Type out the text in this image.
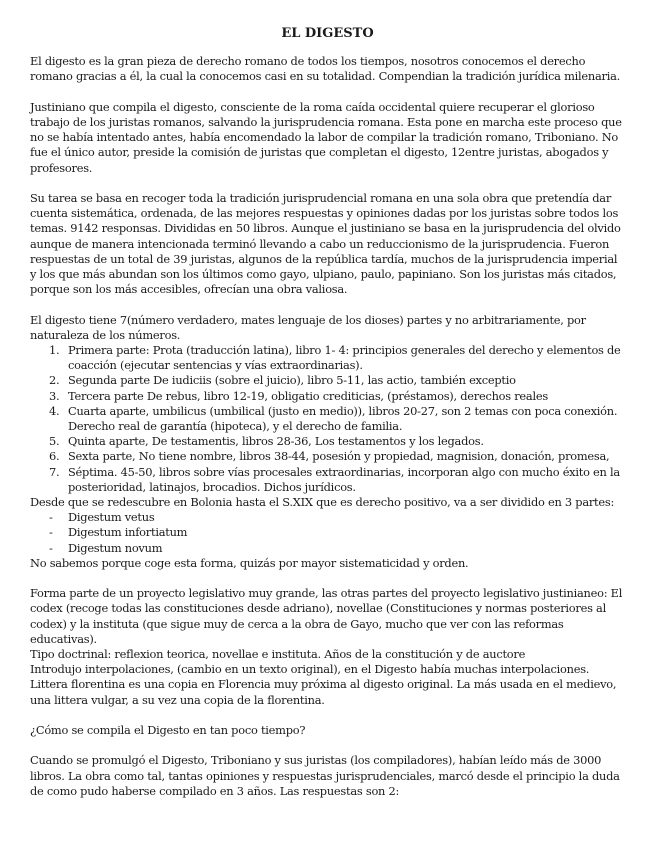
EL DIGESTO

El digesto es la gran pieza de derecho romano de todos los tiempos, nosotros conocemos el derecho romano gracias a él, la cual la conocemos casi en su totalidad. Compendian la tradición jurídica milenaria.

Justiniano que compila el digesto, consciente de la roma caída occidental quiere recuperar el glorioso trabajo de los juristas romanos, salvando la jurisprudencia romana. Esta pone en marcha este proceso que no se había intentado antes, había encomendado la labor de compilar la tradición romano, Triboniano. No fue el único autor, preside la comisión de juristas que completan el digesto, 12entre juristas, abogados y profesores.

Su tarea se basa en recoger toda la tradición jurisprudencial romana en una sola obra que pretendía dar cuenta sistemática, ordenada, de las mejores respuestas y opiniones dadas por los juristas sobre todos los temas. 9142 responsas. Divididas en 50 libros. Aunque el justiniano se basa en la jurisprudencia del olvido aunque de manera intencionada terminó llevando a cabo un reduccionismo de la jurisprudencia. Fueron respuestas de un total de 39 juristas, algunos de la república tardía, muchos de la jurisprudencia imperial y los que más abundan son los últimos como gayo, ulpiano, paulo, papiniano. Son los juristas más citados, porque son los más accesibles, ofrecían una obra valiosa.

El digesto tiene 7(número verdadero, mates lenguaje de los dioses) partes y no arbitrariamente, por naturaleza de los números.

1. Primera parte: Prota (traducción latina), libro 1- 4: principios generales del derecho y elementos de coacción (ejecutar sentencias y vías extraordinarias).
2. Segunda parte De iudiciis (sobre el juicio), libro 5-11, las actio, también exceptio
3. Tercera parte De rebus, libro 12-19, obligatio crediticias, (préstamos), derechos reales
4. Cuarta aparte, umbilicus (umbilical (justo en medio)), libros 20-27, son 2 temas con poca conexión. Derecho real de garantía (hipoteca), y el derecho de familia.
5. Quinta aparte, De testamentis, libros 28-36, Los testamentos y los legados.
6. Sexta parte, No tiene nombre, libros 38-44, posesión y propiedad, magnision, donación, promesa,
7. Séptima. 45-50, libros sobre vías procesales extraordinarias, incorporan algo con mucho éxito en la posterioridad, latinajos, brocadios. Dichos jurídicos.

Desde que se redescubre en Bolonia hasta el S.XIX que es derecho positivo, va a ser dividido en 3 partes:

- Digestum vetus
- Digestum infortiatum
- Digestum novum

No sabemos porque coge esta forma, quizás por mayor sistematicidad y orden.

Forma parte de un proyecto legislativo muy grande, las otras partes del proyecto legislativo justinianeo: El codex (recoge todas las constituciones desde adriano), novellae (Constituciones y normas posteriores al codex) y la instituta (que sigue muy de cerca a la obra de Gayo, mucho que ver con las reformas educativas).

Tipo doctrinal: reflexion teorica, novellae e instituta. Años de la constitución y de auctore

Introdujo interpolaciones, (cambio en un texto original), en el Digesto había muchas interpolaciones. Littera florentina es una copia en Florencia muy próxima al digesto original. La más usada en el medievo, una littera vulgar, a su vez una copia de la florentina.

¿Cómo se compila el Digesto en tan poco tiempo?

Cuando se promulgó el Digesto, Triboniano y sus juristas (los compiladores), habían leído más de 3000 libros. La obra como tal, tantas opiniones y respuestas jurisprudenciales, marcó desde el principio la duda de como pudo haberse compilado en 3 años. Las respuestas son 2:
